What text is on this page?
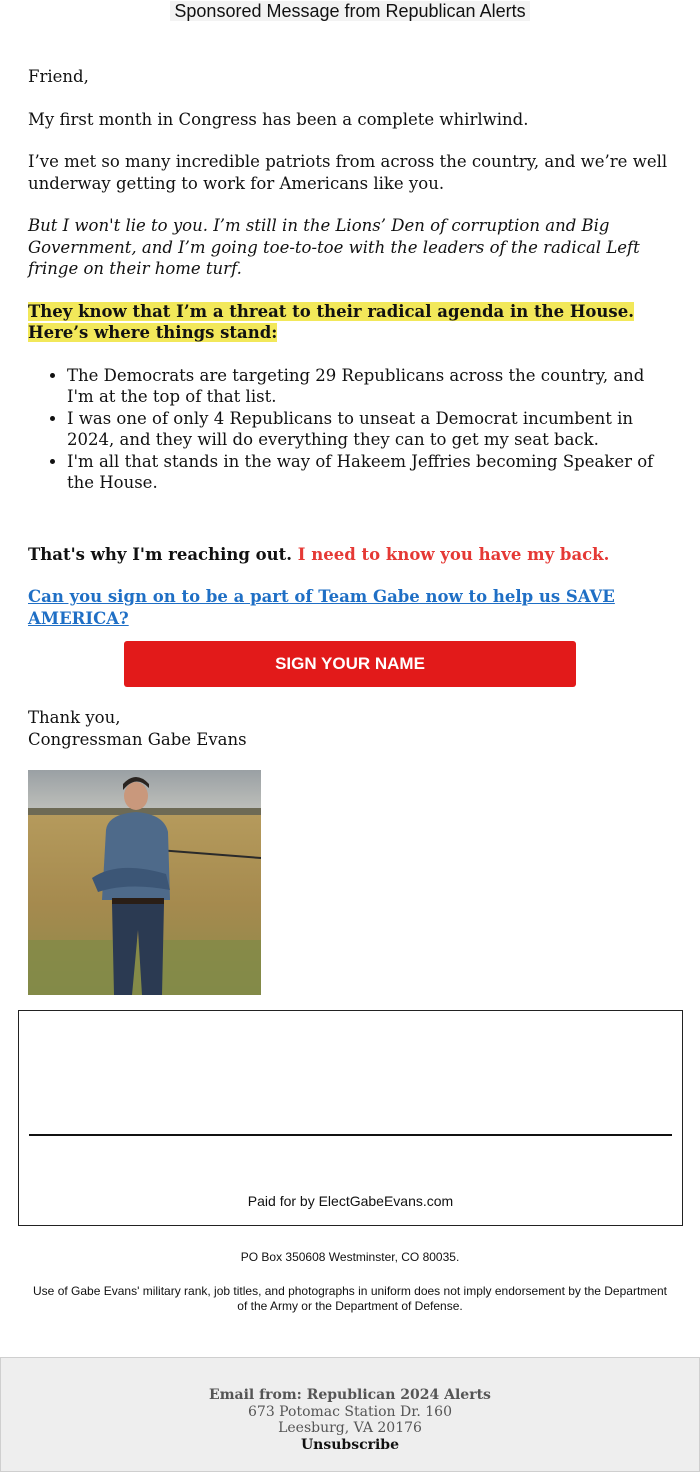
Sponsored Message from Republican Alerts

Friend,

My first month in Congress has been a complete whirlwind.

I’ve met so many incredible patriots from across the country, and we’re well underway getting to work for Americans like you.

But I won't lie to you. I’m still in the Lions’ Den of corruption and Big Government, and I’m going toe-to-toe with the leaders of the radical Left fringe on their home turf.

They know that I’m a threat to their radical agenda in the House. Here’s where things stand:

• The Democrats are targeting 29 Republicans across the country, and I'm at the top of that list.
• I was one of only 4 Republicans to unseat a Democrat incumbent in 2024, and they will do everything they can to get my seat back.
• I'm all that stands in the way of Hakeem Jeffries becoming Speaker of the House.

That's why I'm reaching out. I need to know you have my back.

Can you sign on to be a part of Team Gabe now to help us SAVE AMERICA?

SIGN YOUR NAME
Thank you,
Congressman Gabe Evans
Paid for by ElectGabeEvans.com
PO Box 350608 Westminster, CO 80035.
Use of Gabe Evans' military rank, job titles, and photographs in uniform does not imply endorsement by the Department of the Army or the Department of Defense.
Email from: Republican 2024 Alerts
673 Potomac Station Dr. 160
Leesburg, VA 20176
Unsubscribe
